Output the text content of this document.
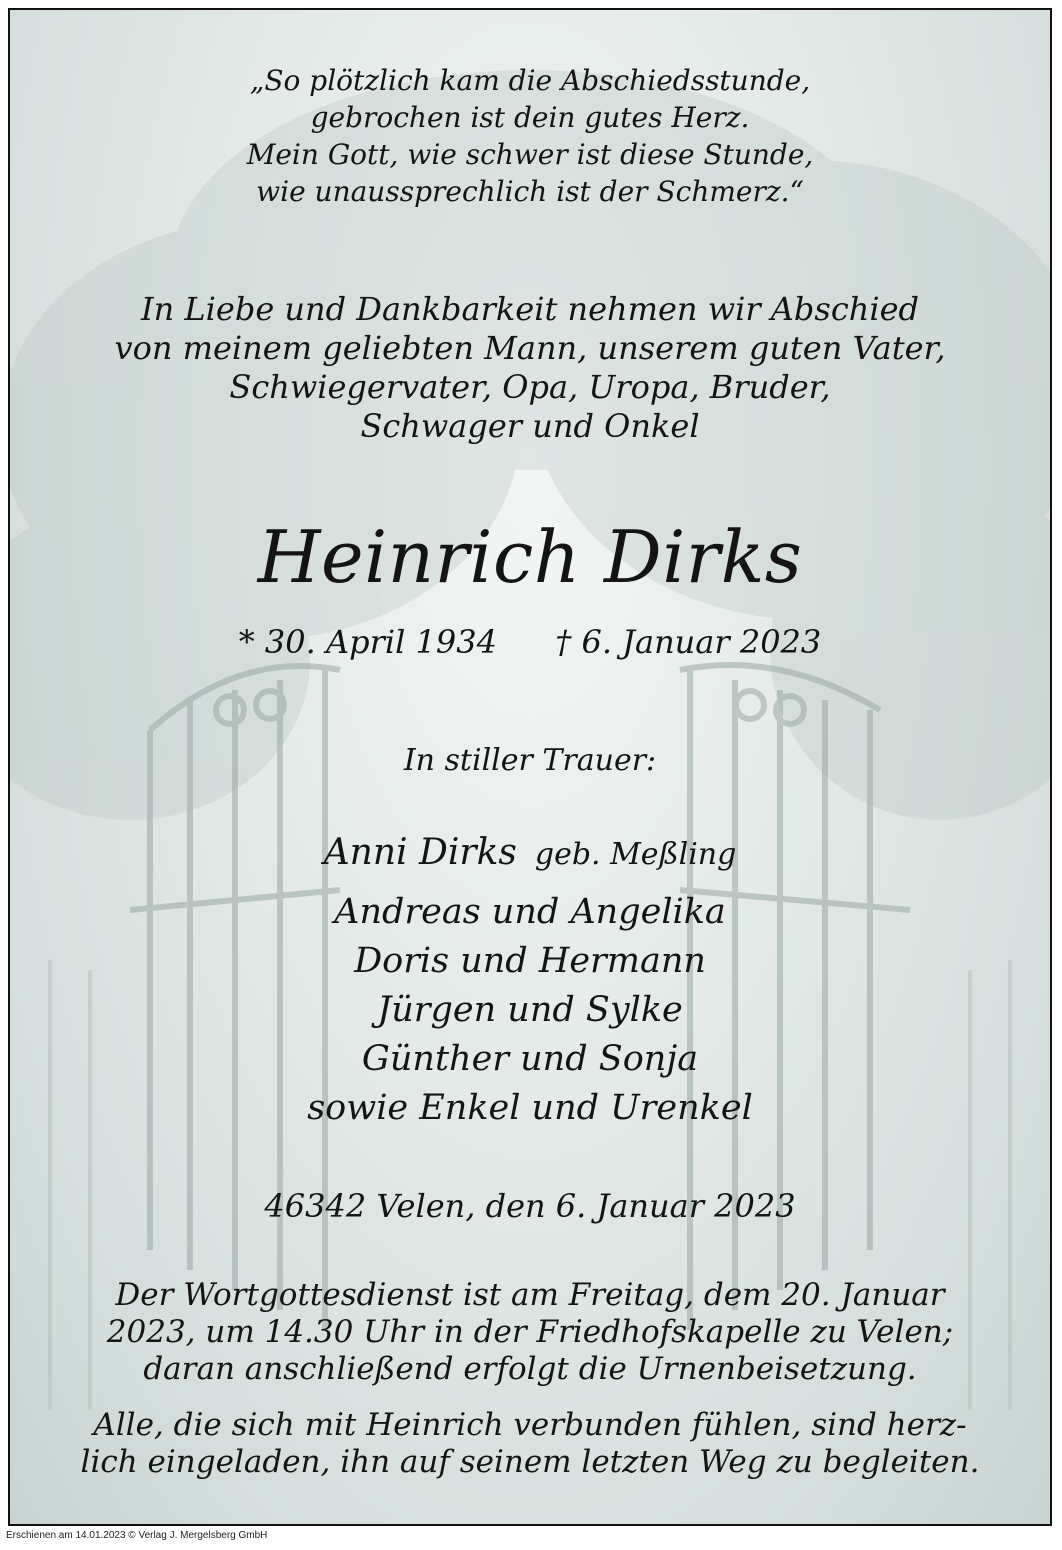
„So plötzlich kam die Abschiedsstunde,
gebrochen ist dein gutes Herz.
Mein Gott, wie schwer ist diese Stunde,
wie unaussprechlich ist der Schmerz.“
In Liebe und Dankbarkeit nehmen wir Abschied
von meinem geliebten Mann, unserem guten Vater,
Schwiegervater, Opa, Uropa, Bruder,
Schwager und Onkel
Heinrich Dirks
* 30. April 1934 † 6. Januar 2023
In stiller Trauer:
Anni Dirks geb. Meßling
Andreas und Angelika
Doris und Hermann
Jürgen und Sylke
Günther und Sonja
sowie Enkel und Urenkel
46342 Velen, den 6. Januar 2023
Der Wortgottesdienst ist am Freitag, dem 20. Januar
2023, um 14.30 Uhr in der Friedhofskapelle zu Velen;
daran anschließend erfolgt die Urnenbeisetzung.
Alle, die sich mit Heinrich verbunden fühlen, sind herz-
lich eingeladen, ihn auf seinem letzten Weg zu begleiten.
Erschienen am 14.01.2023 © Verlag J. Mergelsberg GmbH
